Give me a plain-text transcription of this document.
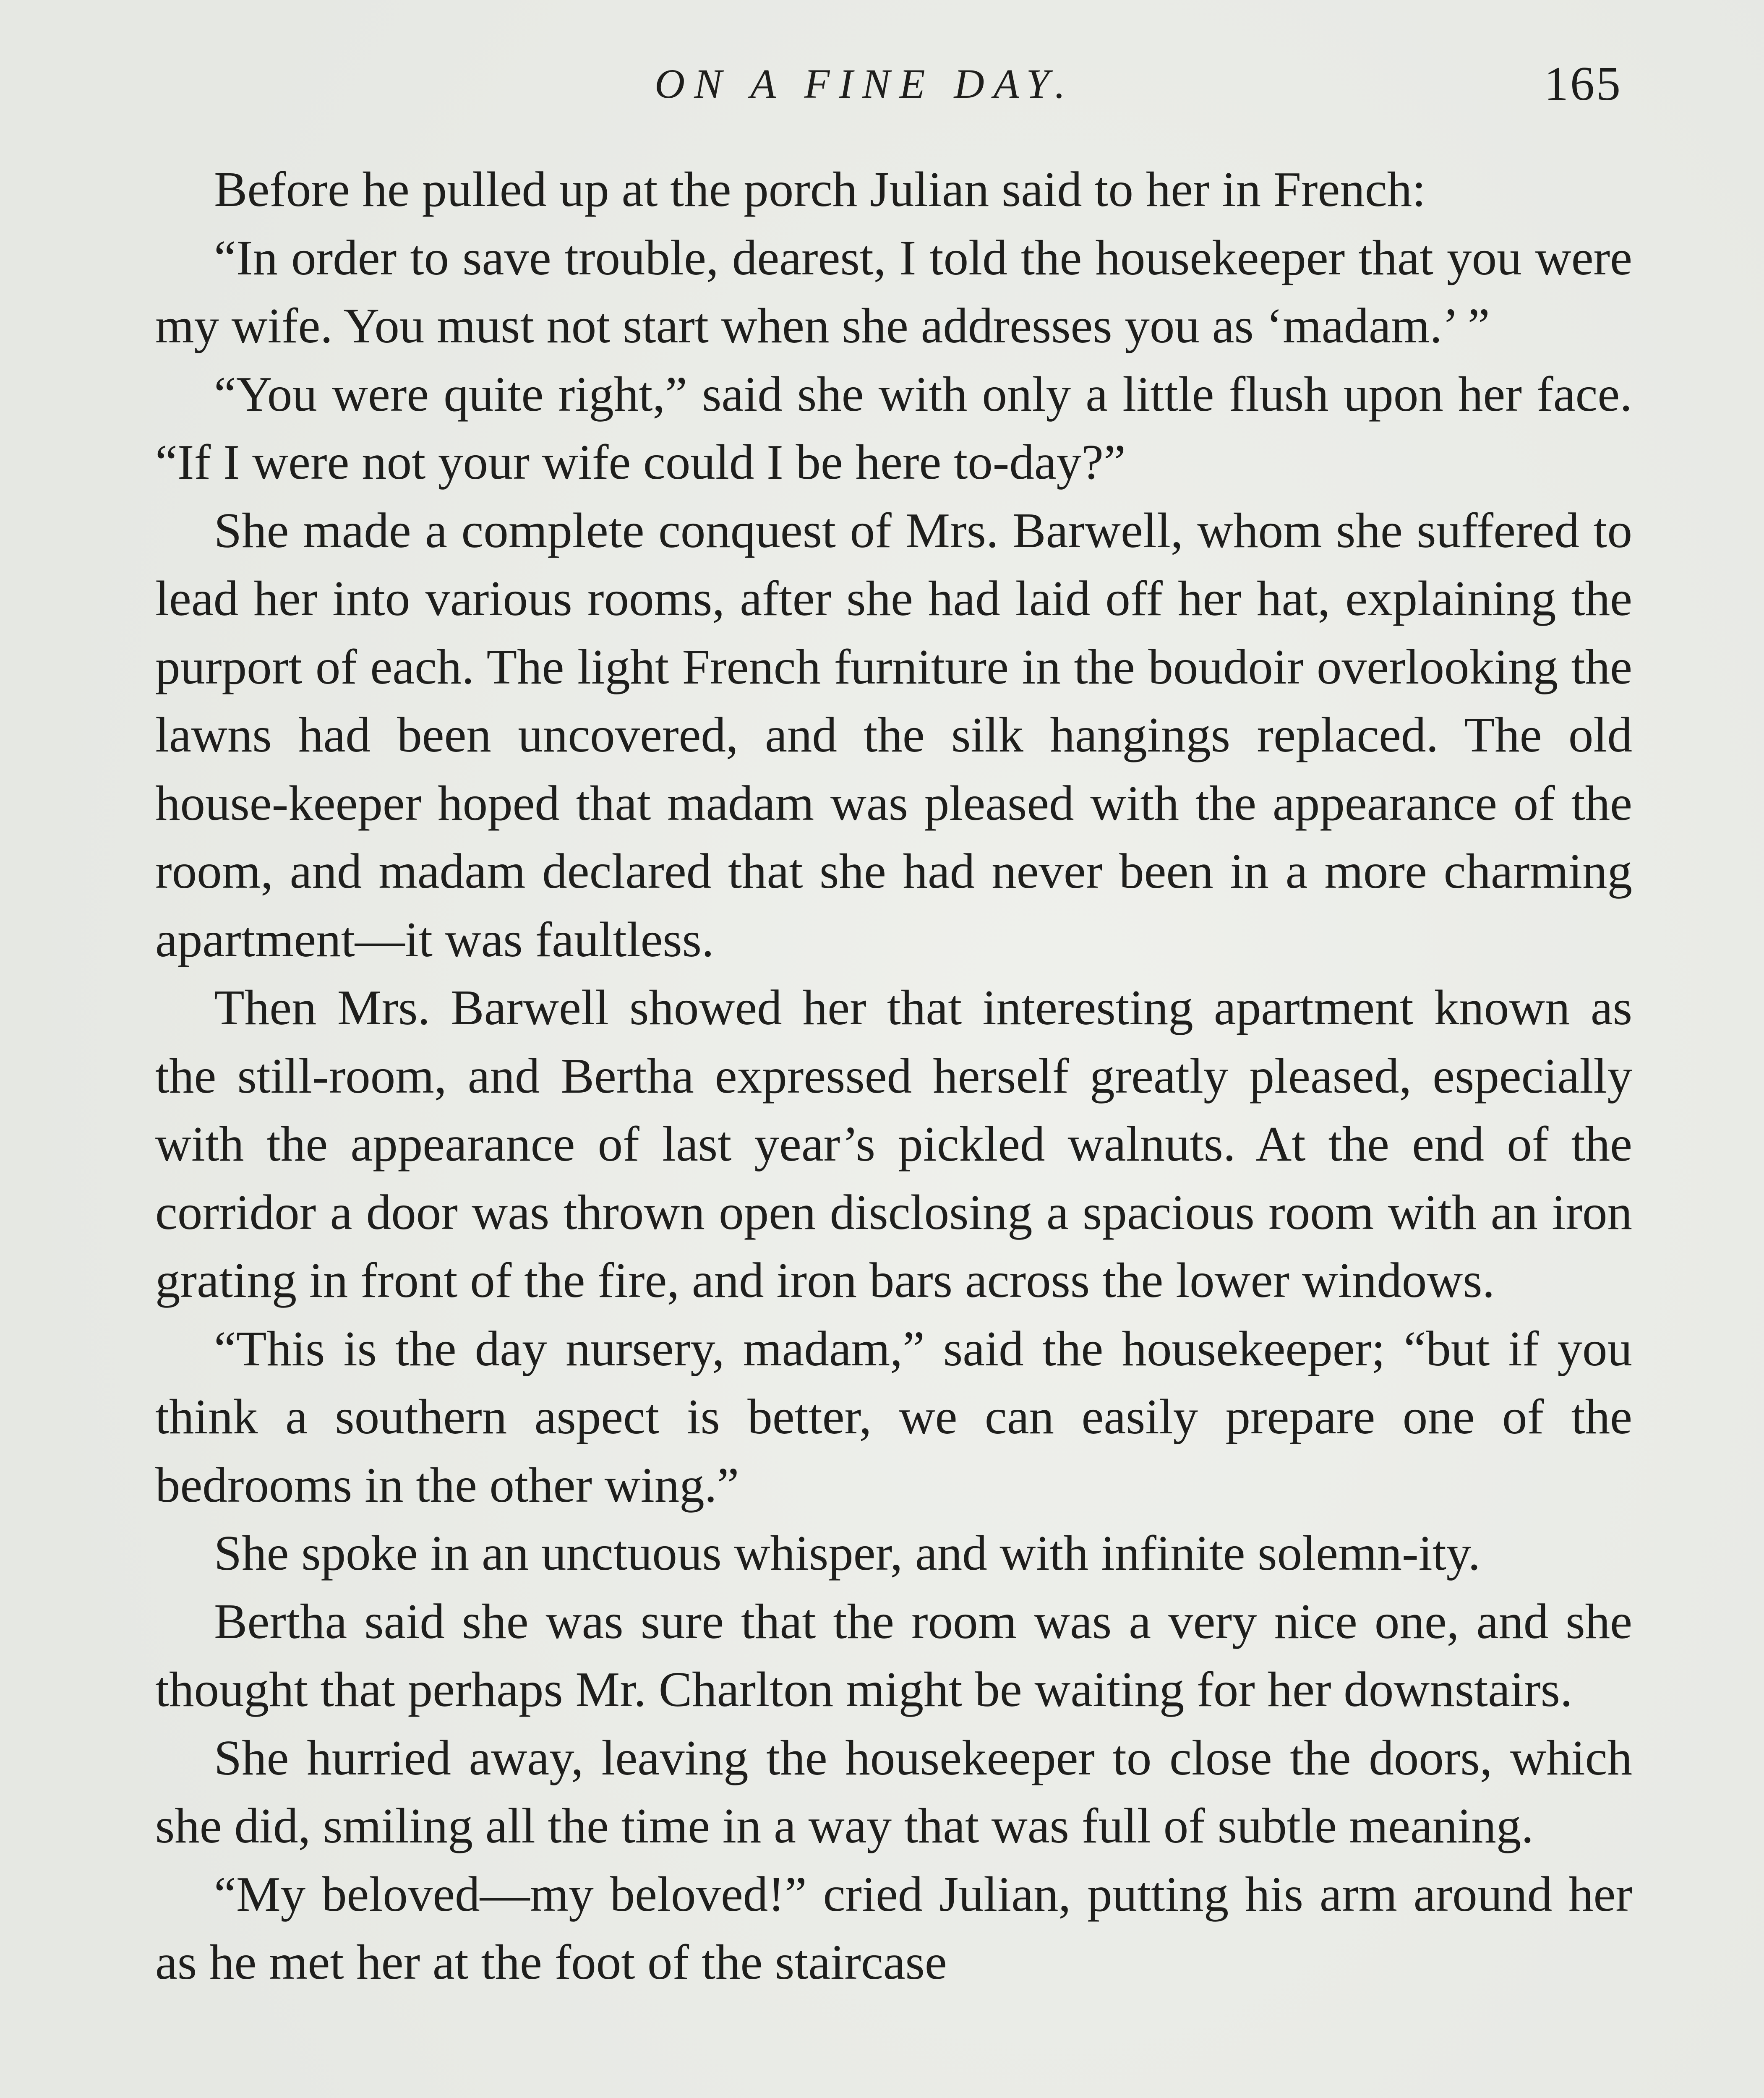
ON A FINE DAY.	165

Before he pulled up at the porch Julian said to her in French:

“In order to save trouble, dearest, I told the housekeeper that you were my wife. You must not start when she addresses you as ‘madam.’ ”

“You were quite right,” said she with only a little flush upon her face. “If I were not your wife could I be here to-day?”

She made a complete conquest of Mrs. Barwell, whom she suffered to lead her into various rooms, after she had laid off her hat, explaining the purport of each. The light French furniture in the boudoir overlooking the lawns had been uncovered, and the silk hangings replaced. The old house-keeper hoped that madam was pleased with the appearance of the room, and madam declared that she had never been in a more charming apartment—it was faultless.

Then Mrs. Barwell showed her that interesting apartment known as the still-room, and Bertha expressed herself greatly pleased, especially with the appearance of last year’s pickled walnuts. At the end of the corridor a door was thrown open disclosing a spacious room with an iron grating in front of the fire, and iron bars across the lower windows.

“This is the day nursery, madam,” said the housekeeper; “but if you think a southern aspect is better, we can easily prepare one of the bedrooms in the other wing.”

She spoke in an unctuous whisper, and with infinite solemn-ity.

Bertha said she was sure that the room was a very nice one, and she thought that perhaps Mr. Charlton might be waiting for her downstairs.

She hurried away, leaving the housekeeper to close the doors, which she did, smiling all the time in a way that was full of subtle meaning.

“My beloved—my beloved!” cried Julian, putting his arm around her as he met her at the foot of the staircase
